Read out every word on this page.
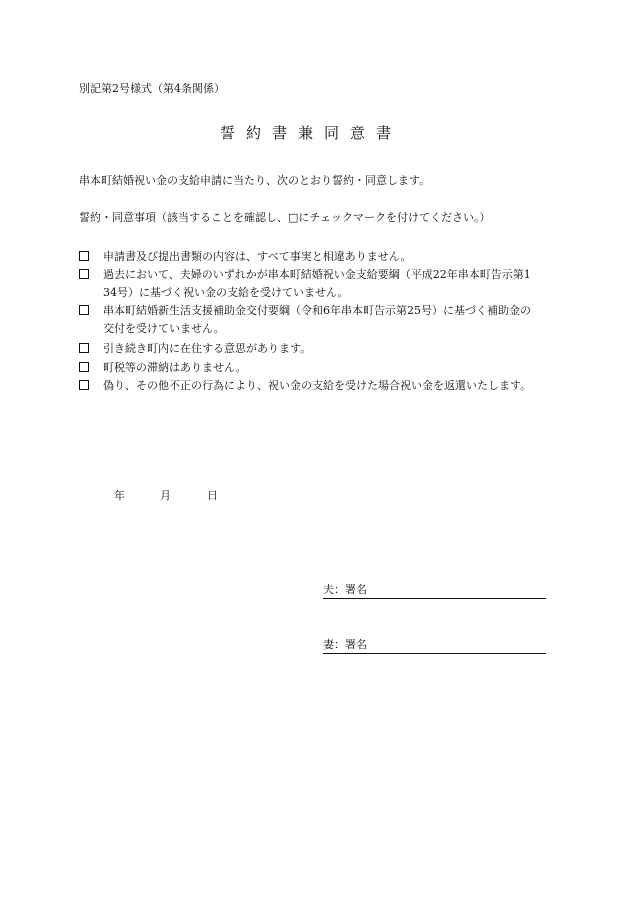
別記第2号様式（第4条関係）
誓約書兼同意書
串本町結婚祝い金の支給申請に当たり、次のとおり誓約・同意します。
誓約・同意事項（該当することを確認し、□にチェックマークを付けてください。）
申請書及び提出書類の内容は、すべて事実と相違ありません。
過去において、夫婦のいずれかが串本町結婚祝い金支給要綱（平成22年串本町告示第1
34号）に基づく祝い金の支給を受けていません。
串本町結婚新生活支援補助金交付要綱（令和6年串本町告示第25号）に基づく補助金の
交付を受けていません。
引き続き町内に在住する意思があります。
町税等の滞納はありません。
偽り、その他不正の行為により、祝い金の支給を受けた場合祝い金を返還いたします。
年	月	日
夫：署名
妻：署名
